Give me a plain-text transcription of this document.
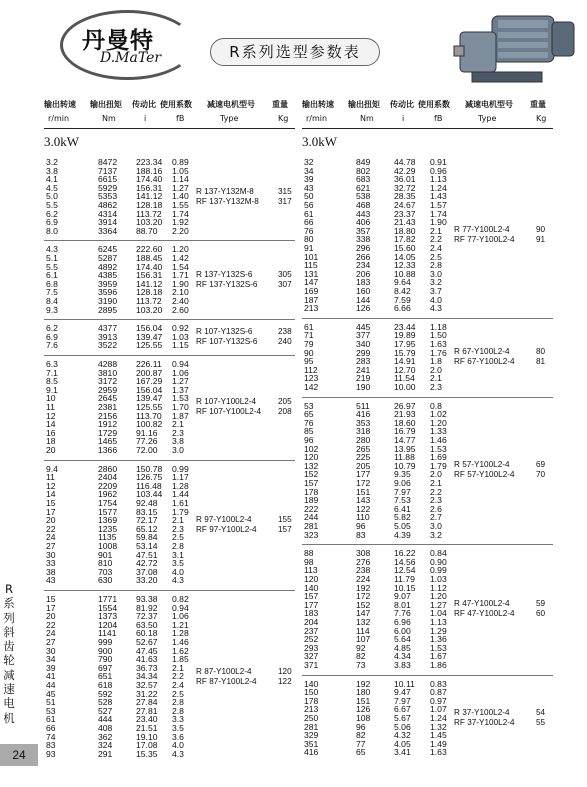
丹曼特
D.MaTer	R系列选型参数表
R系列斜齿轮减速电机
24
输出转速 输出扭矩 传动比 使用系数 减速电机型号 重量
r/min	Nm	i	fB	Type	Kg
3.0kW
3.2	8472	223.34	0.89
3.8	7137	188.16	1.05
4.1	6615	174.40	1.14
4.5	5929	156.31	1.27
5.0	5353	141.12	1.40
5.5	4862	128.18	1.55
6.2	4314	113.72	1.74
6.9	3914	103.20	1.92
8.0	3364	88.70	2.20
R 137-Y132M-8	315
RF 137-Y132M-8 317
4.3	6245	222.60	1.20
5.1	5287	188.45	1.42
5.5	4892	174.40	1.54
6.1	4385	156.31	1.71
6.8	3959	141.12	1.90
7.5	3596	128.18	2.10
8.4	3190	113.72	2.40
9.3	2895	103.20	2.60
R 137-Y132S-6	305
RF 137-Y132S-6	307
6.2	4377	156.04	0.92
6.9	3913	139.47	1.03
7.6	3522	125.55	1.15
R 107-Y132S-6	238
RF 107-Y132S-6	240
6.3	4288	226.11	0.94
7.1	3810	200.87	1.06
8.5	3172	167.29	1.27
9.1	2959	156.04	1.37
10	2645	139.47	1.53
11	2381	125.55	1.70
12	2156	113.70	1.87
14	1912	100.82	2.1
16	1729	91.16	2.3
18	1465	77.26	3.8
20	1366	72.00	3.0
R 107-Y100L2-4	205
RF 107-Y100L2-4 208
9.4	2860	150.78	0.99
11	2404	126.75	1.17
12	2209	116.48	1.28
14	1962	103.44	1.44
15	1754	92.48	1.61
17	1577	83.15	1.79
20	1369	72.17	2.1
22	1235	65.12	2.3
24	1135	59.84	2.5
27	1008	53.14	2.8
30	901	47.51	3.1
33	810	42.72	3.5
38	703	37.08	4.0
43	630	33.20	4.3
R 97-Y100L2-4	155
RF 97-Y100L2-4	157
15	1771	93.38	0.82
17	1554	81.92	0.94
20	1373	72.37	1.06
22	1204	63.50	1.21
24	1141	60.18	1.28
27	999	52.67	1.46
30	900	47.45	1.62
34	790	41.63	1.85
39	697	36.73	2.1
41	651	34.34	2.2
44	618	32.57	2.4
45	592	31.22	2.5
51	528	27.84	2.8
53	527	27.81	2.8
61	444	23.40	3.3
66	408	21.51	3.5
74	362	19.10	3.6
83	324	17.08	4.0
93	291	15.35	4.3
R 87-Y100L2-4	120
RF 87-Y100L2-4	122
输出转速 输出扭矩 传动比 使用系数 减速电机型号 重量
r/min	Nm	i	fB	Type	Kg
3.0kW
32	849	44.78	0.91
34	802	42.29	0.96
39	683	36.01	1.13
43	621	32.72	1.24
50	538	28.35	1.43
56	468	24.67	1.57
61	443	23.37	1.74
66	406	21.43	1.90
76	357	18.80	2.1
80	338	17.82	2.2
91	296	15.60	2.4
101	266	14.05	2.5
115	234	12.33	2.8
131	206	10.88	3.0
147	183	9.64	3.2
169	160	8.42	3.7
187	144	7.59	4.0
213	126	6.66	4.3
R 77-Y100L2-4	90
RF 77-Y100L2-4	91
61	445	23.44	1.18
71	377	19.89	1.50
79	340	17.95	1.63
90	299	15.79	1.76
95	283	14.91	1.8
112	241	12.70	2.0
123	219	11.54	2.1
142	190	10.00	2.3
R 67-Y100L2-4	80
RF 67-Y100L2-4	81
53	511	26.97	0.8
65	416	21.93	1.02
76	353	18.60	1.20
85	318	16.79	1.33
96	280	14.77	1.46
102	265	13.95	1.53
120	225	11.88	1.69
132	205	10.79	1.79
152	177	9.35	2.0
157	172	9.06	2.1
178	151	7.97	2.2
189	143	7.53	2.3
222	122	6.41	2.6
244	110	5.82	2.7
281	96	5.05	3.0
323	83	4.39	3.2
R 57-Y100L2-4	69
RF 57-Y100L2-4	70
88	308	16.22	0.84
98	276	14.56	0.90
113	238	12.54	0.99
120	224	11.79	1.03
140	192	10.15	1.12
157	172	9.07	1.20
177	152	8.01	1.27
183	147	7.76	1.04
204	132	6.96	1.13
237	114	6.00	1.29
252	107	5.64	1.36
293	92	4.85	1.53
327	82	4.34	1.67
371	73	3.83	1.86
R 47-Y100L2-4	59
RF 47-Y100L2-4	60
140	192	10.11	0.83
150	180	9.47	0.87
178	151	7.97	0.97
213	126	6.67	1.07
250	108	5.67	1.24
281	96	5.06	1.32
329	82	4.32	1.45
351	77	4.05	1.49
416	65	3.41	1.63
R 37-Y100L2-4	54
RF 37-Y100L2-4	55
